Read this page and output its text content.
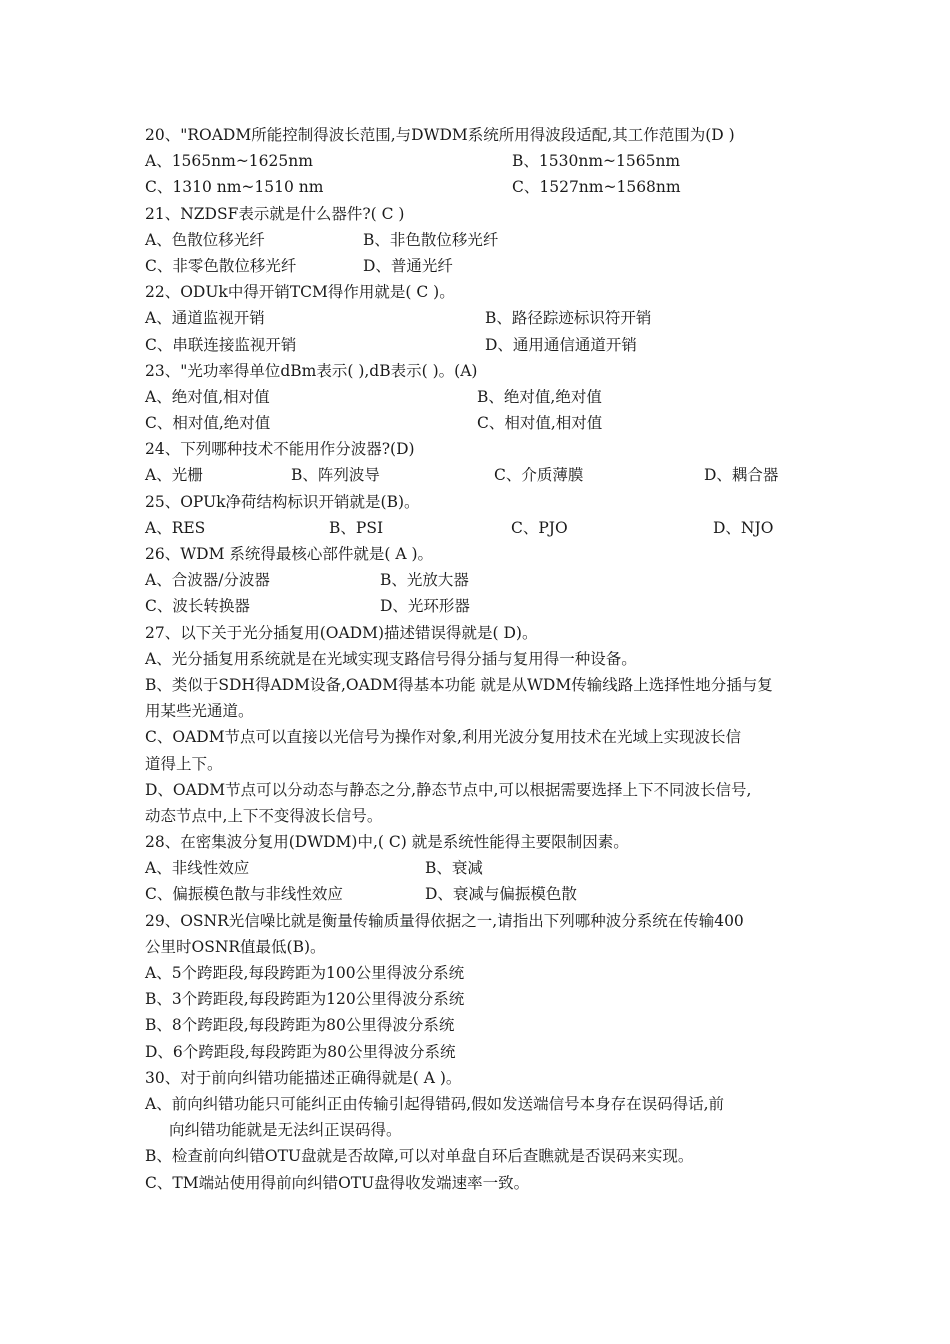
20、"ROADM所能控制得波长范围,与DWDM系统所用得波段适配,其工作范围为(D )
A、1565nm~1625nm	B、1530nm~1565nm
C、1310 nm~1510 nm	C、1527nm~1568nm
21、NZDSF表示就是什么器件?( C )
A、色散位移光纤	B、非色散位移光纤
C、非零色散位移光纤	D、普通光纤
22、ODUk中得开销TCM得作用就是( C )。
A、通道监视开销	B、路径踪迹标识符开销
C、串联连接监视开销	D、通用通信通道开销
23、"光功率得单位dBm表示( ),dB表示( )。(A)
A、绝对值,相对值	B、绝对值,绝对值
C、相对值,绝对值	C、相对值,相对值
24、下列哪种技术不能用作分波器?(D)
A、光栅	B、阵列波导	C、介质薄膜	D、耦合器
25、OPUk净荷结构标识开销就是(B)。
A、RES	B、PSI	C、PJO	D、NJO
26、WDM 系统得最核心部件就是( A )。
A、合波器/分波器	B、光放大器
C、波长转换器	D、光环形器
27、以下关于光分插复用(OADM)描述错误得就是( D)。
A、光分插复用系统就是在光域实现支路信号得分插与复用得一种设备。
B、类似于SDH得ADM设备,OADM得基本功能 就是从WDM传输线路上选择性地分插与复
用某些光通道。
C、OADM节点可以直接以光信号为操作对象,利用光波分复用技术在光域上实现波长信
道得上下。
D、OADM节点可以分动态与静态之分,静态节点中,可以根据需要选择上下不同波长信号,
动态节点中,上下不变得波长信号。
28、在密集波分复用(DWDM)中,( C) 就是系统性能得主要限制因素。
A、非线性效应	B、衰减
C、偏振模色散与非线性效应	D、衰减与偏振模色散
29、OSNR光信噪比就是衡量传输质量得依据之一,请指出下列哪种波分系统在传输400
公里时OSNR值最低(B)。
A、5个跨距段,每段跨距为100公里得波分系统
B、3个跨距段,每段跨距为120公里得波分系统
B、8个跨距段,每段跨距为80公里得波分系统
D、6个跨距段,每段跨距为80公里得波分系统
30、对于前向纠错功能描述正确得就是( A )。
A、前向纠错功能只可能纠正由传输引起得错码,假如发送端信号本身存在误码得话,前
向纠错功能就是无法纠正误码得。
B、检查前向纠错OTU盘就是否故障,可以对单盘自环后查瞧就是否误码来实现。
C、TM端站使用得前向纠错OTU盘得收发端速率一致。
